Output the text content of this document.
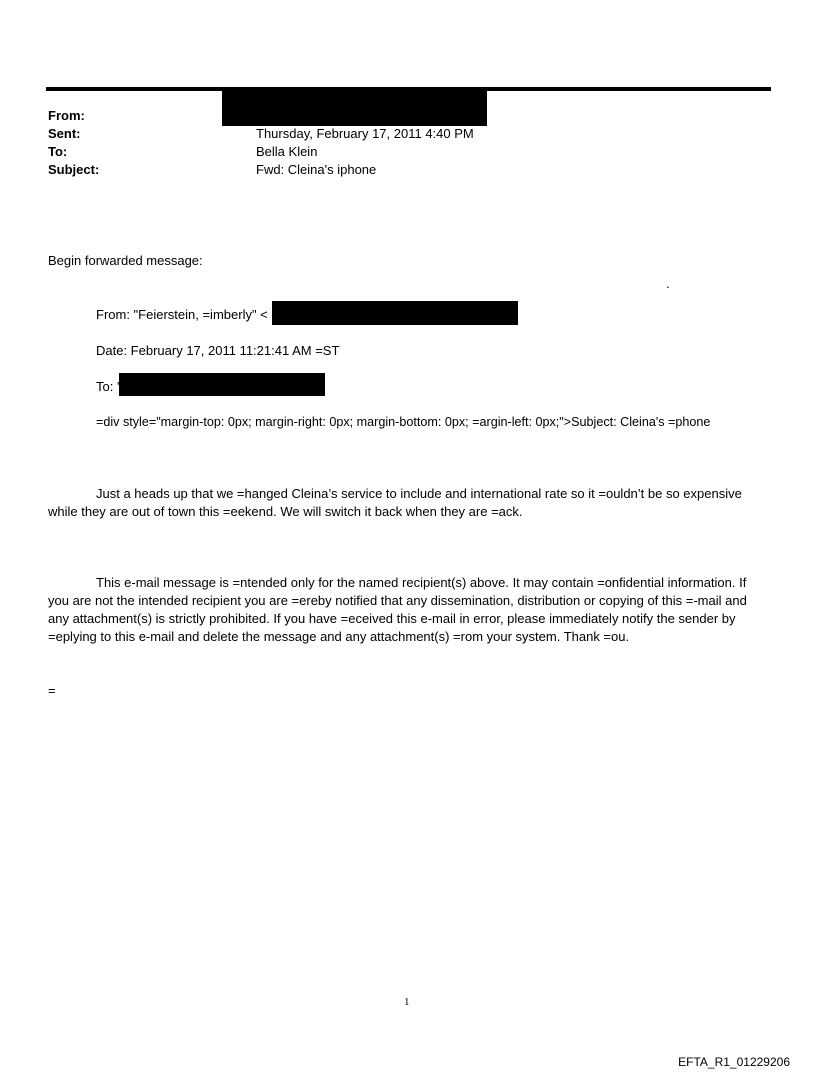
From:
Sent:
To:
Subject:
Thursday, February 17, 2011 4:40 PM
Bella Klein
Fwd: Cleina's iphone
Begin forwarded message:
.
From: "Feierstein, =imberly" <
Date: February 17, 2011 11:21:41 AM =ST
To: '
=div style="margin-top: 0px; margin-right: 0px; margin-bottom: 0px; =argin-left: 0px;">Subject: Cleina's =phone
Just a heads up that we =hanged Cleina’s service to include and international rate so it =ouldn’t be so expensive while they are out of town this =eekend. We will switch it back when they are =ack.
This e-mail message is =ntended only for the named recipient(s) above. It may contain =onfidential information. If you are not the intended recipient you are =ereby notified that any dissemination, distribution or copying of this =-mail and any attachment(s) is strictly prohibited. If you have =eceived this e-mail in error, please immediately notify the sender by =eplying to this e-mail and delete the message and any attachment(s) =rom your system. Thank =ou.
=
1
EFTA_R1_01229206
